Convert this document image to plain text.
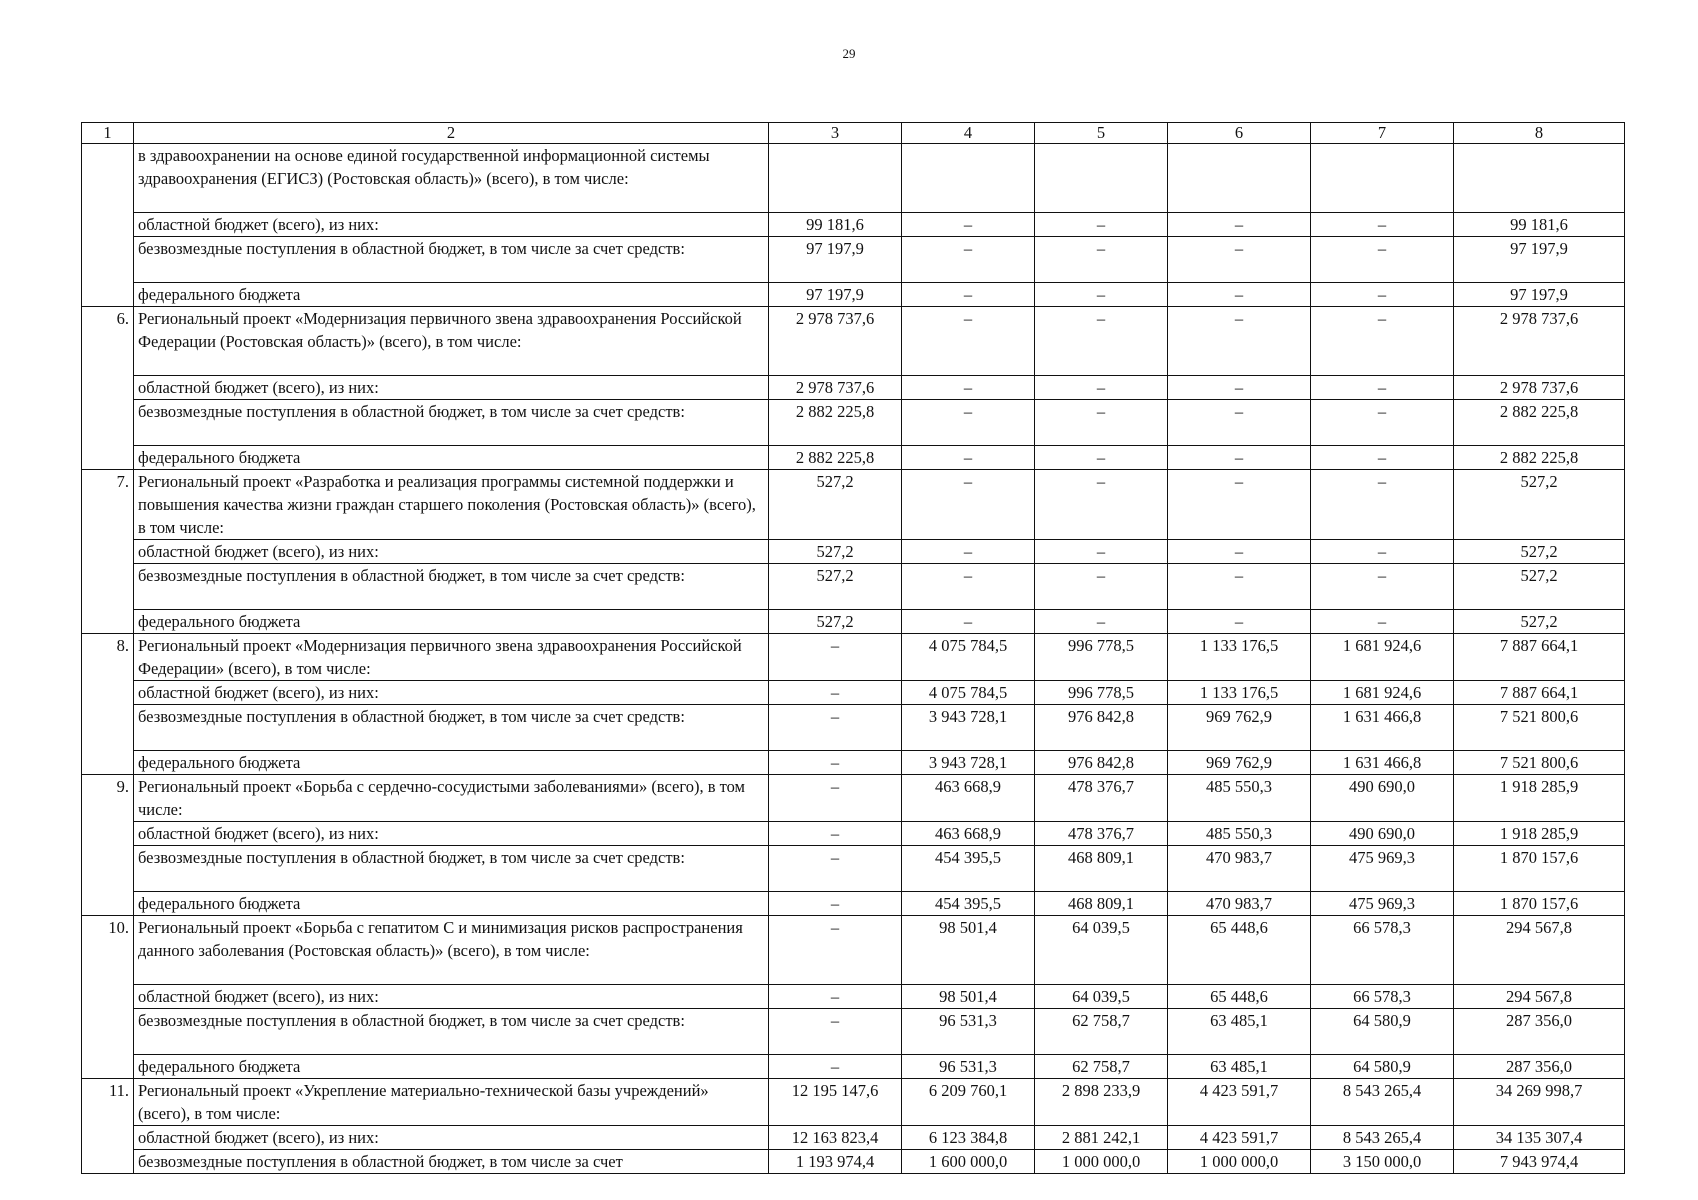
29
1	2	3	4	5	6	7	8
	в здравоохранении на основе единой государственной информационной системы здравоохранения (ЕГИСЗ) (Ростовская область)» (всего), в том числе:						
	областной бюджет (всего), из них:	99 181,6	–	–	–	–	99 181,6
	безвозмездные поступления в областной бюджет, в том числе за счет средств:	97 197,9	–	–	–	–	97 197,9
	федерального бюджета	97 197,9	–	–	–	–	97 197,9
6.	Региональный проект «Модернизация первичного звена здравоохранения Российской Федерации (Ростовская область)» (всего), в том числе:	2 978 737,6	–	–	–	–	2 978 737,6
	областной бюджет (всего), из них:	2 978 737,6	–	–	–	–	2 978 737,6
	безвозмездные поступления в областной бюджет, в том числе за счет средств:	2 882 225,8	–	–	–	–	2 882 225,8
	федерального бюджета	2 882 225,8	–	–	–	–	2 882 225,8
7.	Региональный проект «Разработка и реализация программы системной поддержки и повышения качества жизни граждан старшего поколения (Ростовская область)» (всего), в том числе:	527,2	–	–	–	–	527,2
	областной бюджет (всего), из них:	527,2	–	–	–	–	527,2
	безвозмездные поступления в областной бюджет, в том числе за счет средств:	527,2	–	–	–	–	527,2
	федерального бюджета	527,2	–	–	–	–	527,2
8.	Региональный проект «Модернизация первичного звена здравоохранения Российской Федерации» (всего), в том числе:	–	4 075 784,5	996 778,5	1 133 176,5	1 681 924,6	7 887 664,1
	областной бюджет (всего), из них:	–	4 075 784,5	996 778,5	1 133 176,5	1 681 924,6	7 887 664,1
	безвозмездные поступления в областной бюджет, в том числе за счет средств:	–	3 943 728,1	976 842,8	969 762,9	1 631 466,8	7 521 800,6
	федерального бюджета	–	3 943 728,1	976 842,8	969 762,9	1 631 466,8	7 521 800,6
9.	Региональный проект «Борьба с сердечно-сосудистыми заболеваниями» (всего), в том числе:	–	463 668,9	478 376,7	485 550,3	490 690,0	1 918 285,9
	областной бюджет (всего), из них:	–	463 668,9	478 376,7	485 550,3	490 690,0	1 918 285,9
	безвозмездные поступления в областной бюджет, в том числе за счет средств:	–	454 395,5	468 809,1	470 983,7	475 969,3	1 870 157,6
	федерального бюджета	–	454 395,5	468 809,1	470 983,7	475 969,3	1 870 157,6
10.	Региональный проект «Борьба с гепатитом С и минимизация рисков распространения данного заболевания (Ростовская область)» (всего), в том числе:	–	98 501,4	64 039,5	65 448,6	66 578,3	294 567,8
	областной бюджет (всего), из них:	–	98 501,4	64 039,5	65 448,6	66 578,3	294 567,8
	безвозмездные поступления в областной бюджет, в том числе за счет средств:	–	96 531,3	62 758,7	63 485,1	64 580,9	287 356,0
	федерального бюджета	–	96 531,3	62 758,7	63 485,1	64 580,9	287 356,0
11.	Региональный проект «Укрепление материально-технической базы учреждений» (всего), в том числе:	12 195 147,6	6 209 760,1	2 898 233,9	4 423 591,7	8 543 265,4	34 269 998,7
	областной бюджет (всего), из них:	12 163 823,4	6 123 384,8	2 881 242,1	4 423 591,7	8 543 265,4	34 135 307,4
	безвозмездные поступления в областной бюджет, в том числе за счет	1 193 974,4	1 600 000,0	1 000 000,0	1 000 000,0	3 150 000,0	7 943 974,4
